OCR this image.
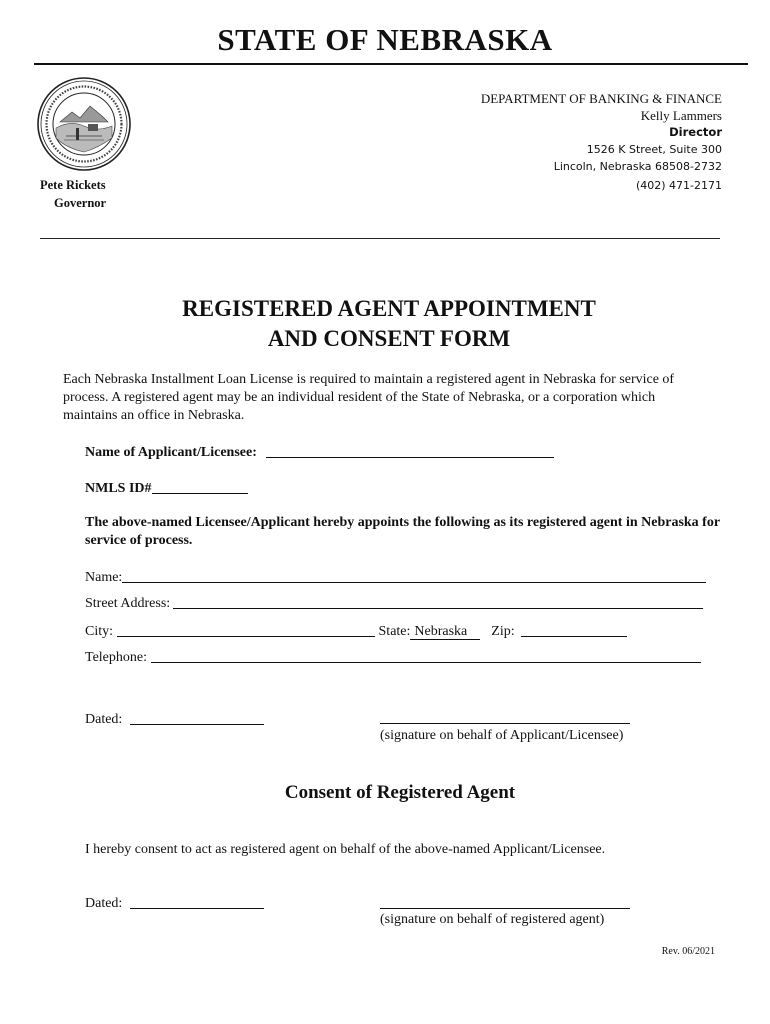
STATE OF NEBRASKA
Pete Rickets
Governor
DEPARTMENT OF BANKING & FINANCE
Kelly Lammers
Director
1526 K Street, Suite 300
Lincoln, Nebraska 68508-2732
(402) 471-2171
REGISTERED AGENT APPOINTMENT
AND CONSENT FORM
Each Nebraska Installment Loan License is required to maintain a registered agent in Nebraska for service of process. A registered agent may be an individual resident of the State of Nebraska, or a corporation which maintains an office in Nebraska.
Name of Applicant/Licensee:
NMLS ID#
The above-named Licensee/Applicant hereby appoints the following as its registered agent in Nebraska for service of process.
Name:
Street Address:
City:	State: Nebraska Zip:
Telephone:
Dated:
(signature on behalf of Applicant/Licensee)
Consent of Registered Agent
I hereby consent to act as registered agent on behalf of the above-named Applicant/Licensee.
Dated:
(signature on behalf of registered agent)
Rev. 06/2021
